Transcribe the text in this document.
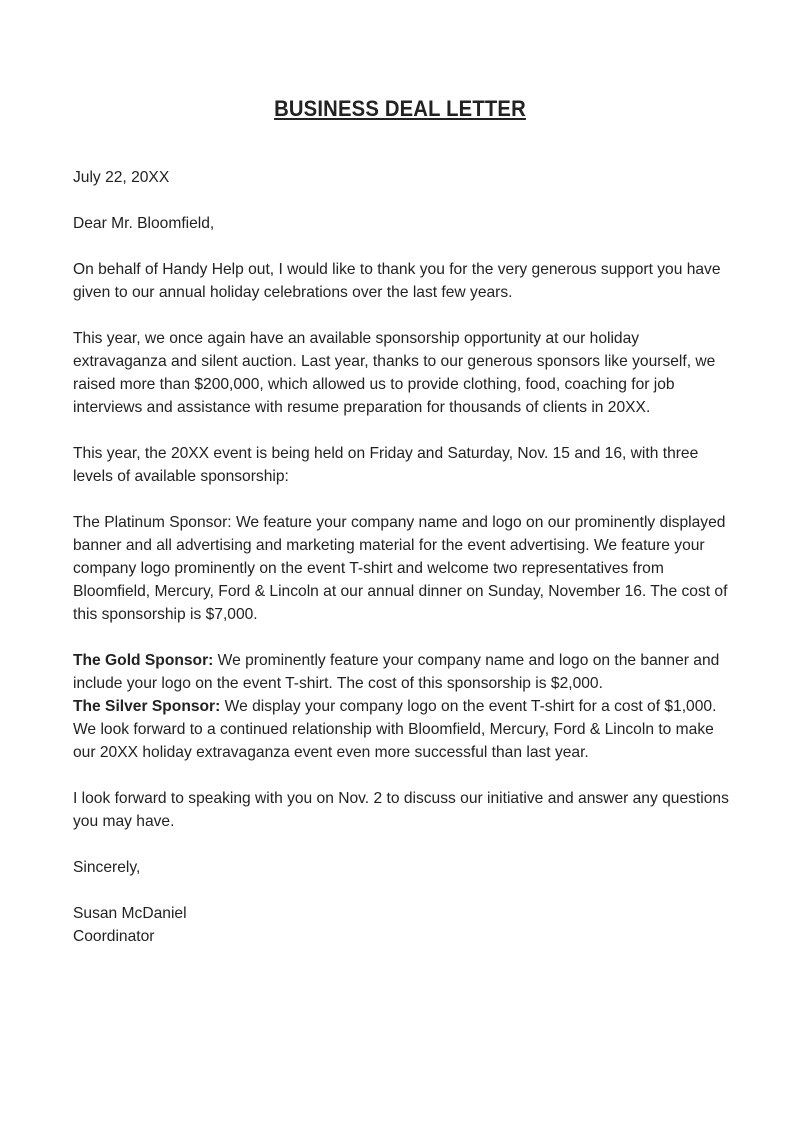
BUSINESS DEAL LETTER

July 22, 20XX

Dear Mr. Bloomfield,

On behalf of Handy Help out, I would like to thank you for the very generous support you have given to our annual holiday celebrations over the last few years.

This year, we once again have an available sponsorship opportunity at our holiday extravaganza and silent auction. Last year, thanks to our generous sponsors like yourself, we raised more than $200,000, which allowed us to provide clothing, food, coaching for job interviews and assistance with resume preparation for thousands of clients in 20XX.

This year, the 20XX event is being held on Friday and Saturday, Nov. 15 and 16, with three levels of available sponsorship:

The Platinum Sponsor: We feature your company name and logo on our prominently displayed banner and all advertising and marketing material for the event advertising. We feature your company logo prominently on the event T-shirt and welcome two representatives from Bloomfield, Mercury, Ford & Lincoln at our annual dinner on Sunday, November 16. The cost of this sponsorship is $7,000.

The Gold Sponsor: We prominently feature your company name and logo on the banner and include your logo on the event T-shirt. The cost of this sponsorship is $2,000.

The Silver Sponsor: We display your company logo on the event T-shirt for a cost of $1,000.

We look forward to a continued relationship with Bloomfield, Mercury, Ford & Lincoln to make our 20XX holiday extravaganza event even more successful than last year.

I look forward to speaking with you on Nov. 2 to discuss our initiative and answer any questions you may have.

Sincerely,

Susan McDaniel

Coordinator
